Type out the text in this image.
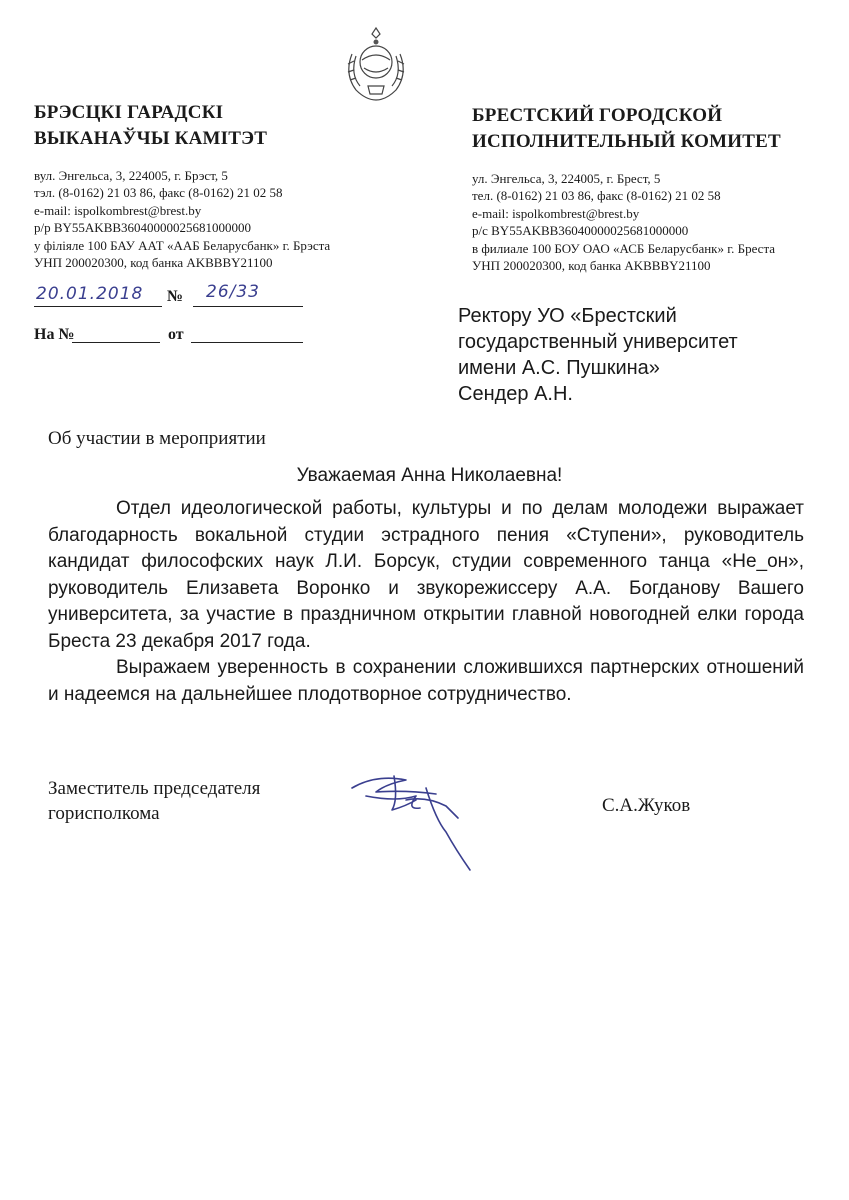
БРЭСЦКІ ГАРАДСКІ
ВЫКАНАЎЧЫ КАМІТЭТ
БРЕСТСКИЙ ГОРОДСКОЙ
ИСПОЛНИТЕЛЬНЫЙ КОМИТЕТ
вул. Энгельса, 3, 224005, г. Брэст, 5
тэл. (8-0162) 21 03 86, факс (8-0162) 21 02 58
e-mail: ispolkombrest@brest.by
р/р BY55AKBB36040000025681000000
у філіяле 100 БАУ ААТ «ААБ Беларусбанк» г. Брэста
УНП 200020300, код банка AKBBBY21100
ул. Энгельса, 3, 224005, г. Брест, 5
тел. (8-0162) 21 03 86, факс (8-0162) 21 02 58
e-mail: ispolkombrest@brest.by
р/с BY55AKBB36040000025681000000
в филиале 100 БОУ ОАО «АСБ Беларусбанк» г. Бреста
УНП 200020300, код банка AKBBBY21100
20.01.2018 № 26/33
На №	от
Ректору УО «Брестский
государственный университет
имени А.С. Пушкина»
Сендер А.Н.
Об участии в мероприятии
Уважаемая Анна Николаевна!

Отдел идеологической работы, культуры и по делам молодежи выражает благодарность вокальной студии эстрадного пения «Ступени», руководитель кандидат философских наук Л.И. Борсук, студии современного танца «Не_он», руководитель Елизавета Воронко и звукорежиссеру А.А. Богданову Вашего университета, за участие в праздничном открытии главной новогодней елки города Бреста 23 декабря 2017 года.

Выражаем уверенность в сохранении сложившихся партнерских отношений и надеемся на дальнейшее плодотворное сотрудничество.

Заместитель председателя
горисполкома	С.А.Жуков
